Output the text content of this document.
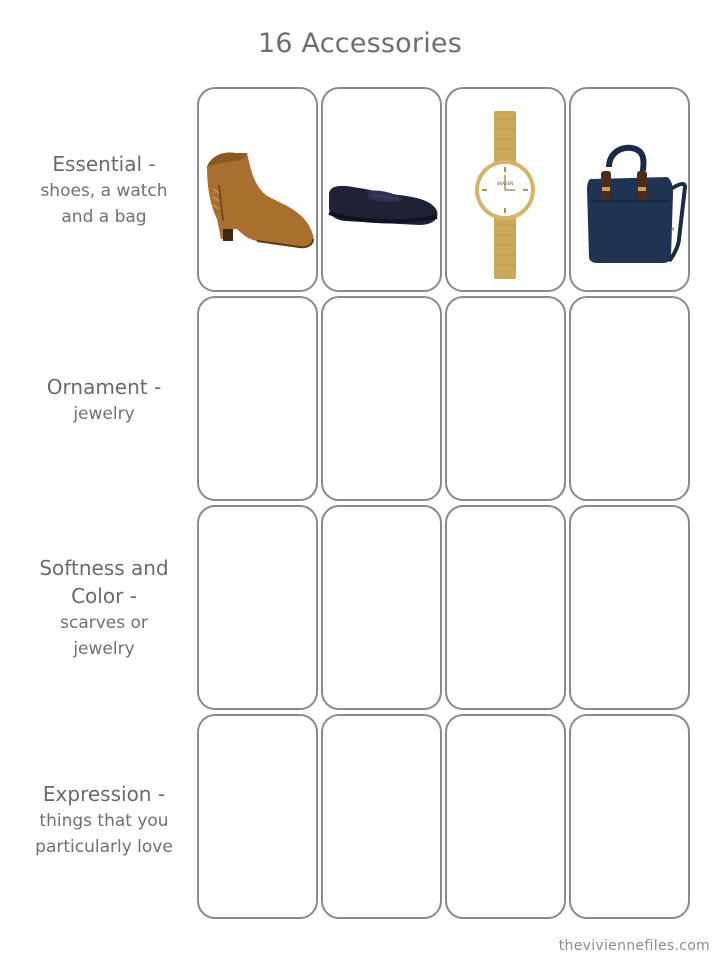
16 Accessories
Essential -
shoes, a watch
and a bag
Ornament -
jewelry
Softness and
Color -
scarves or
jewelry
Expression -
things that you
particularly love
SKAGEN
theviviennefiles.com
